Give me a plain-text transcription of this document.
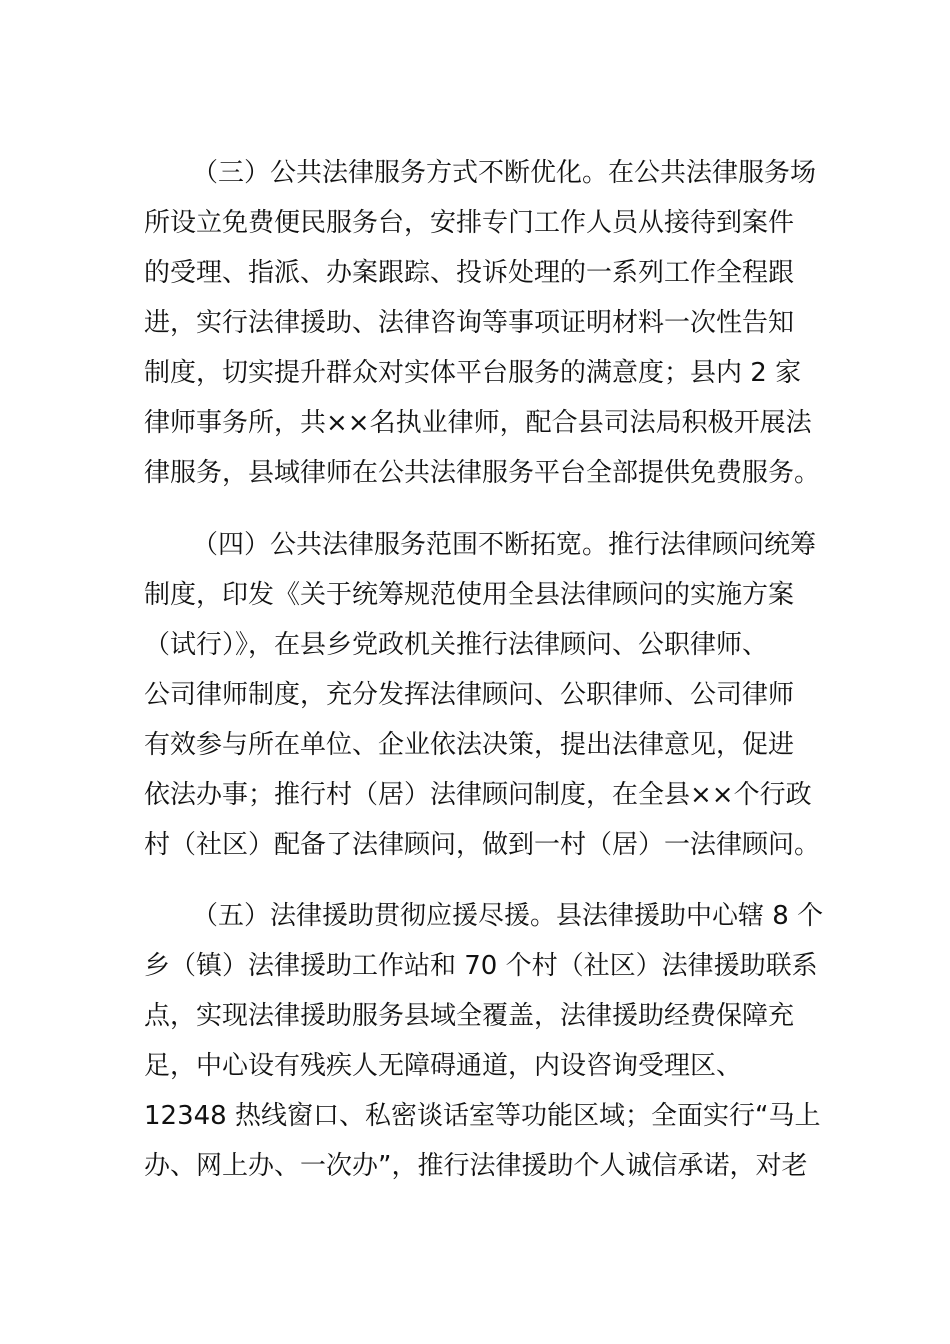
（三）公共法律服务方式不断优化。在公共法律服务场
所设立免费便民服务台，安排专门工作人员从接待到案件
的受理、指派、办案跟踪、投诉处理的一系列工作全程跟
进，实行法律援助、法律咨询等事项证明材料一次性告知
制度，切实提升群众对实体平台服务的满意度；县内 2 家
律师事务所，共××名执业律师，配合县司法局积极开展法
律服务，县域律师在公共法律服务平台全部提供免费服务。
（四）公共法律服务范围不断拓宽。推行法律顾问统筹
制度，印发《关于统筹规范使用全县法律顾问的实施方案
（试行）》，在县乡党政机关推行法律顾问、公职律师、
公司律师制度，充分发挥法律顾问、公职律师、公司律师
有效参与所在单位、企业依法决策，提出法律意见，促进
依法办事；推行村（居）法律顾问制度，在全县××个行政
村（社区）配备了法律顾问，做到一村（居）一法律顾问。
（五）法律援助贯彻应援尽援。县法律援助中心辖 8 个
乡（镇）法律援助工作站和 70 个村（社区）法律援助联系
点，实现法律援助服务县域全覆盖，法律援助经费保障充
足，中心设有残疾人无障碍通道，内设咨询受理区、
12348 热线窗口、私密谈话室等功能区域；全面实行“马上
办、网上办、一次办”，推行法律援助个人诚信承诺，对老
